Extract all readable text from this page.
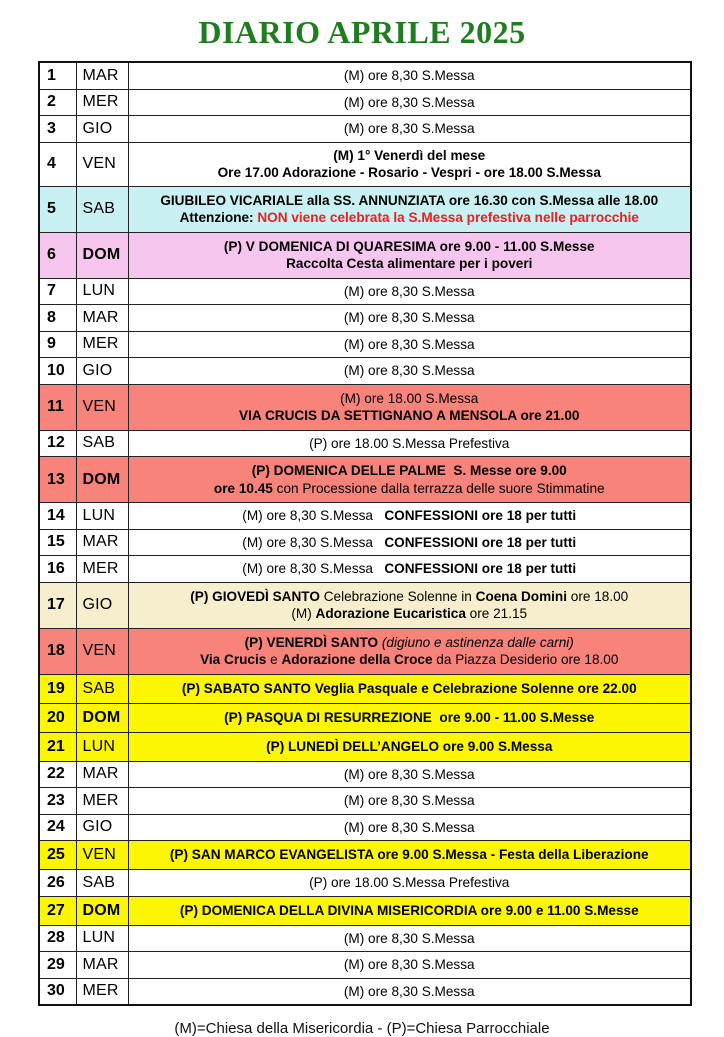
DIARIO APRILE 2025
1	MAR	(M) ore 8,30 S.Messa

2	MER	(M) ore 8,30 S.Messa

3	GIO	(M) ore 8,30 S.Messa

4	VEN	(M) 1° Venerdì del mese
Ore 17.00 Adorazione - Rosario - Vespri - ore 18.00 S.Messa

5	SAB	GIUBILEO VICARIALE alla SS. ANNUNZIATA ore 16.30 con S.Messa alle 18.00
Attenzione: NON viene celebrata la S.Messa prefestiva nelle parrocchie

6	DOM	(P) V DOMENICA DI QUARESIMA ore 9.00 - 11.00 S.Messe
Raccolta Cesta alimentare per i poveri

7	LUN	(M) ore 8,30 S.Messa

8	MAR	(M) ore 8,30 S.Messa

9	MER	(M) ore 8,30 S.Messa

10	GIO	(M) ore 8,30 S.Messa

11	VEN	(M) ore 18.00 S.Messa
VIA CRUCIS DA SETTIGNANO A MENSOLA ore 21.00

12	SAB	(P) ore 18.00 S.Messa Prefestiva

13	DOM	(P) DOMENICA DELLE PALME  S. Messe ore 9.00
ore 10.45 con Processione dalla terrazza delle suore Stimmatine

14	LUN	(M) ore 8,30 S.Messa   CONFESSIONI ore 18 per tutti

15	MAR	(M) ore 8,30 S.Messa   CONFESSIONI ore 18 per tutti

16	MER	(M) ore 8,30 S.Messa   CONFESSIONI ore 18 per tutti

17	GIO	(P) GIOVEDÌ SANTO Celebrazione Solenne in Coena Domini ore 18.00
(M) Adorazione Eucaristica ore 21.15

18	VEN	(P) VENERDÌ SANTO (digiuno e astinenza dalle carni)
Via Crucis e Adorazione della Croce da Piazza Desiderio ore 18.00

19	SAB	(P) SABATO SANTO Veglia Pasquale e Celebrazione Solenne ore 22.00

20	DOM	(P) PASQUA DI RESURREZIONE  ore 9.00 - 11.00 S.Messe

21	LUN	(P) LUNEDÌ DELL’ANGELO ore 9.00 S.Messa

22	MAR	(M) ore 8,30 S.Messa

23	MER	(M) ore 8,30 S.Messa

24	GIO	(M) ore 8,30 S.Messa

25	VEN	(P) SAN MARCO EVANGELISTA ore 9.00 S.Messa - Festa della Liberazione

26	SAB	(P) ore 18.00 S.Messa Prefestiva

27	DOM	(P) DOMENICA DELLA DIVINA MISERICORDIA ore 9.00 e 11.00 S.Messe

28	LUN	(M) ore 8,30 S.Messa

29	MAR	(M) ore 8,30 S.Messa

30	MER	(M) ore 8,30 S.Messa
(M)=Chiesa della Misericordia - (P)=Chiesa Parrocchiale
